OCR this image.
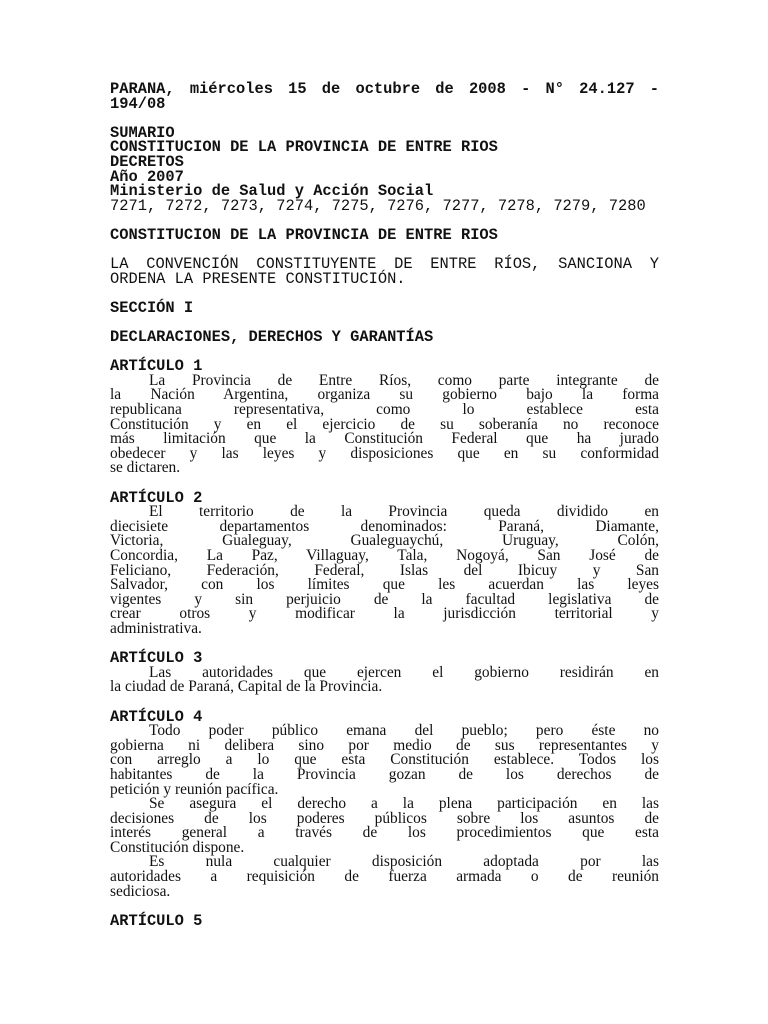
PARANA, miércoles 15 de octubre de 2008 - N° 24.127 -
194/08
SUMARIO
CONSTITUCION DE LA PROVINCIA DE ENTRE RIOS
DECRETOS
Año 2007
Ministerio de Salud y Acción Social
7271, 7272, 7273, 7274, 7275, 7276, 7277, 7278, 7279, 7280
CONSTITUCION DE LA PROVINCIA DE ENTRE RIOS
LA CONVENCIÓN CONSTITUYENTE DE ENTRE RÍOS, SANCIONA Y
ORDENA LA PRESENTE CONSTITUCIÓN.
SECCIÓN I
DECLARACIONES, DERECHOS Y GARANTÍAS
ARTÍCULO 1
La Provincia de Entre Ríos, como parte integrante de
la Nación Argentina, organiza su gobierno bajo la forma
republicana representativa, como lo establece esta
Constitución y en el ejercicio de su soberanía no reconoce
más limitación que la Constitución Federal que ha jurado
obedecer y las leyes y disposiciones que en su conformidad
se dictaren.
ARTÍCULO 2
El territorio de la Provincia queda dividido en
diecisiete departamentos denominados: Paraná, Diamante,
Victoria, Gualeguay, Gualeguaychú, Uruguay, Colón,
Concordia, La Paz, Villaguay, Tala, Nogoyá, San José de
Feliciano, Federación, Federal, Islas del Ibicuy y San
Salvador, con los límites que les acuerdan las leyes
vigentes y sin perjuicio de la facultad legislativa de
crear otros y modificar la jurisdicción territorial y
administrativa.
ARTÍCULO 3
Las autoridades que ejercen el gobierno residirán en
la ciudad de Paraná, Capital de la Provincia.
ARTÍCULO 4
Todo poder público emana del pueblo; pero éste no
gobierna ni delibera sino por medio de sus representantes y
con arreglo a lo que esta Constitución establece. Todos los
habitantes de la Provincia gozan de los derechos de
petición y reunión pacífica.
Se asegura el derecho a la plena participación en las
decisiones de los poderes públicos sobre los asuntos de
interés general a través de los procedimientos que esta
Constitución dispone.
Es nula cualquier disposición adoptada por las
autoridades a requisición de fuerza armada o de reunión
sediciosa.
ARTÍCULO 5
